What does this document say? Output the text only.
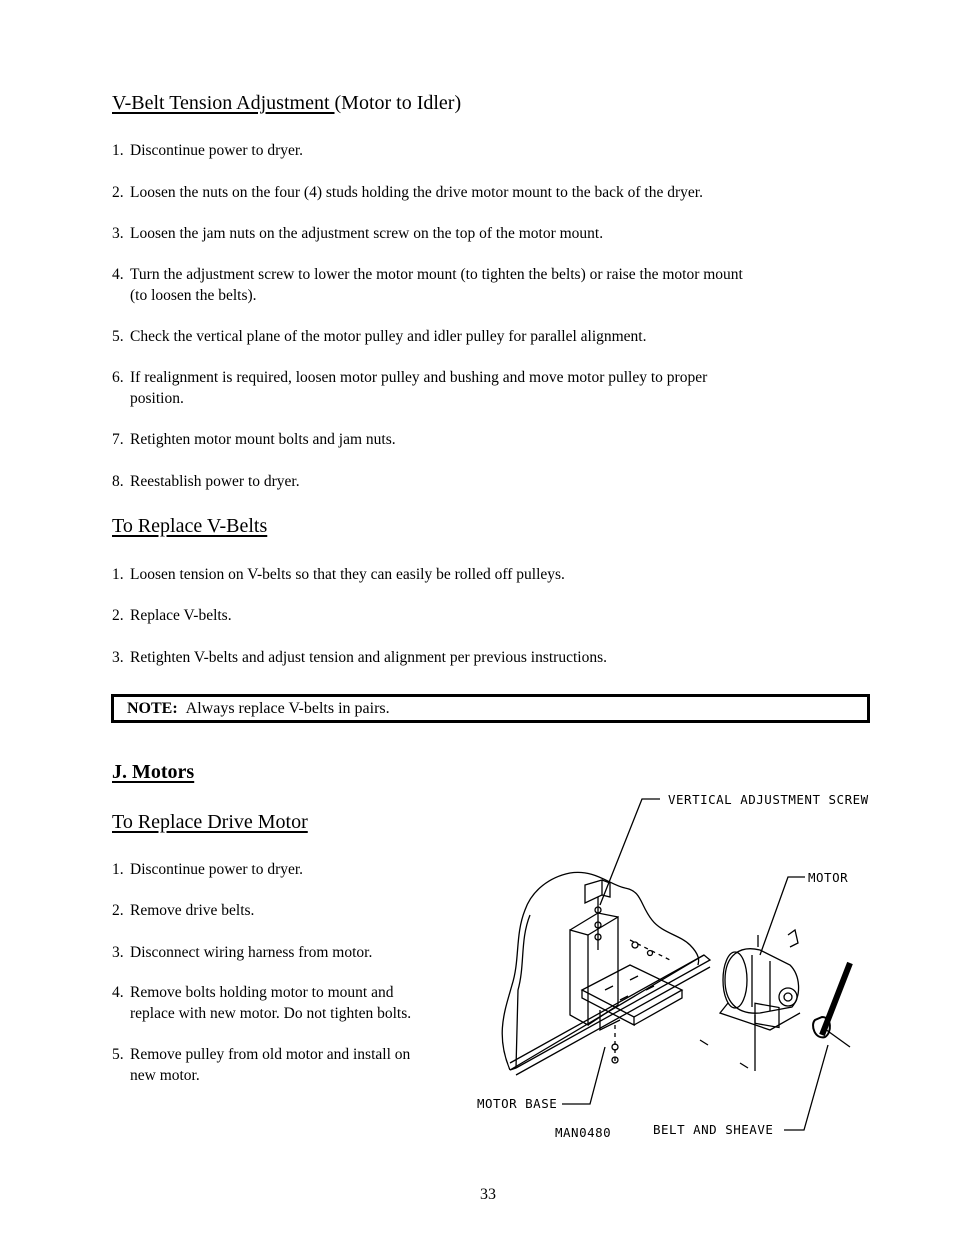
V-Belt Tension Adjustment (Motor to Idler)
1. Discontinue power to dryer.
2. Loosen the nuts on the four (4) studs holding the drive motor mount to the back of the dryer.
3. Loosen the jam nuts on the adjustment screw on the top of the motor mount.
4. Turn the adjustment screw to lower the motor mount (to tighten the belts) or raise the motor mount
(to loosen the belts).
5. Check the vertical plane of the motor pulley and idler pulley for parallel alignment.
6. If realignment is required, loosen motor pulley and bushing and move motor pulley to proper
position.
7. Retighten motor mount bolts and jam nuts.
8. Reestablish power to dryer.
To Replace V-Belts
1. Loosen tension on V-belts so that they can easily be rolled off pulleys.
2. Replace V-belts.
3. Retighten V-belts and adjust tension and alignment per previous instructions.
NOTE: Always replace V-belts in pairs.
J. Motors
To Replace Drive Motor
1. Discontinue power to dryer.
2. Remove drive belts.
3. Disconnect wiring harness from motor.
4. Remove bolts holding motor to mount and
replace with new motor. Do not tighten bolts.
5. Remove pulley from old motor and install on
new motor.
VERTICAL ADJUSTMENT SCREW
MOTOR
MOTOR BASE
MAN0480	BELT AND SHEAVE
33
